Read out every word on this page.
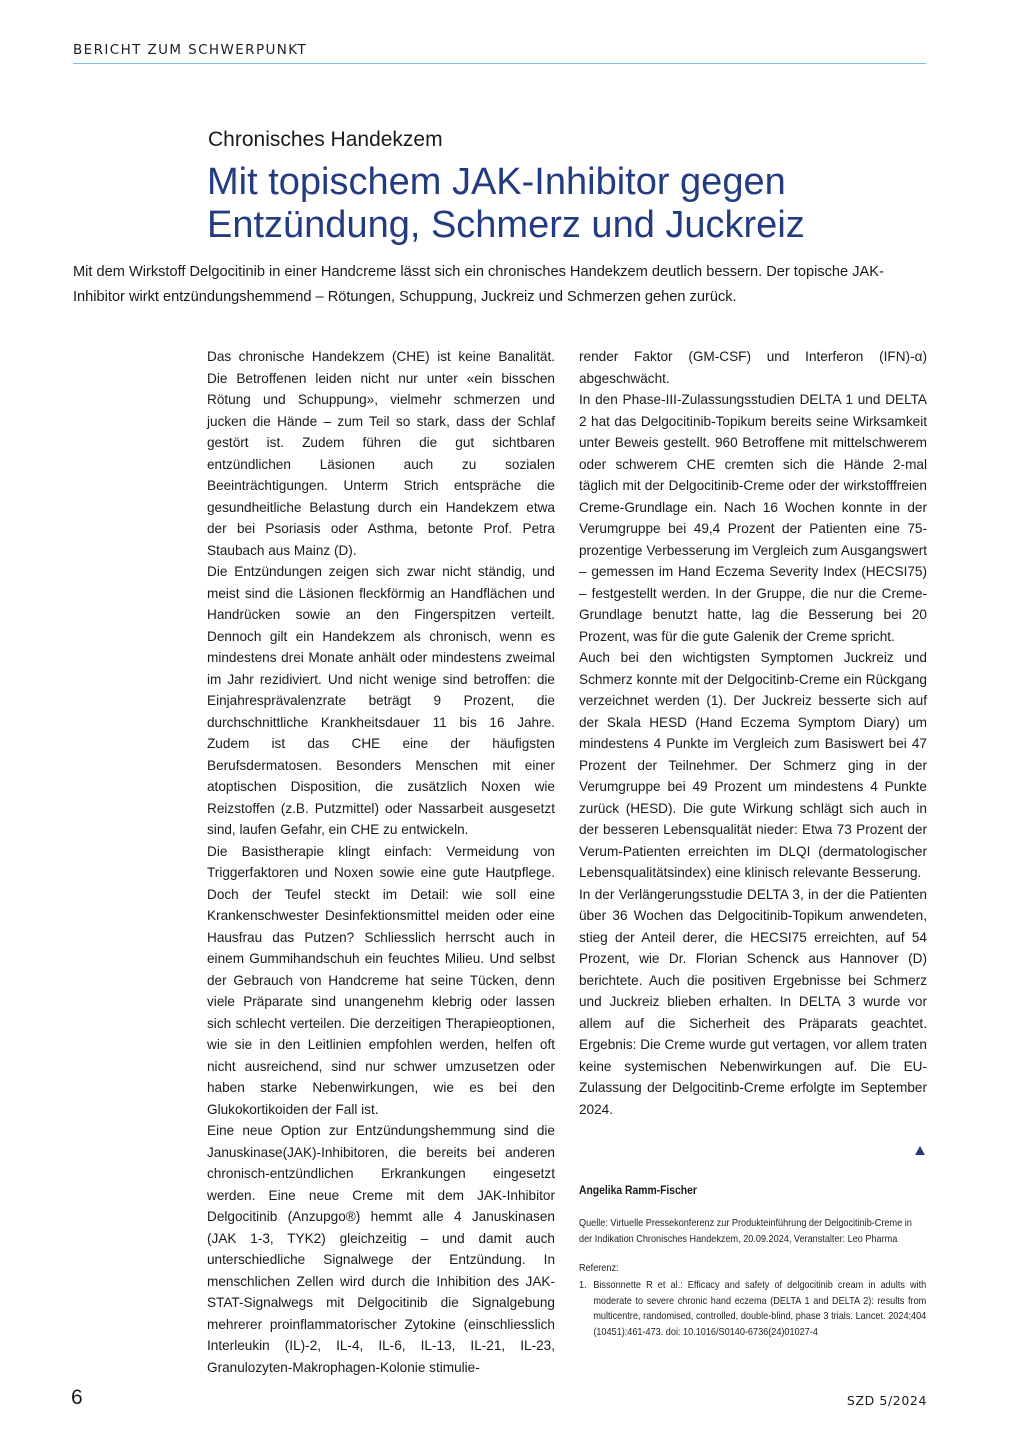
BERICHT ZUM SCHWERPUNKT
Chronisches Handekzem
Mit topischem JAK-Inhibitor gegen Entzündung, Schmerz und Juckreiz

Mit dem Wirkstoff Delgocitinib in einer Handcreme lässt sich ein chronisches Handekzem deutlich bessern. Der topische JAK-Inhibitor wirkt entzündungshemmend – Rötungen, Schuppung, Juckreiz und Schmerzen gehen zurück.

Das chronische Handekzem (CHE) ist keine Banalität. Die Betroffenen leiden nicht nur unter «ein bisschen Rötung und Schuppung», vielmehr schmerzen und jucken die Hände – zum Teil so stark, dass der Schlaf gestört ist. Zudem führen die gut sichtbaren entzündlichen Läsionen auch zu sozialen Beeinträchtigungen. Unterm Strich entspräche die gesundheitliche Belastung durch ein Handekzem etwa der bei Psoriasis oder Asthma, betonte Prof. Petra Staubach aus Mainz (D).

Die Entzündungen zeigen sich zwar nicht ständig, und meist sind die Läsionen fleckförmig an Handflächen und Handrücken sowie an den Fingerspitzen verteilt. Dennoch gilt ein Handekzem als chronisch, wenn es mindestens drei Monate anhält oder mindestens zweimal im Jahr rezidiviert. Und nicht wenige sind betroffen: die Einjahresprävalenzrate beträgt 9 Prozent, die durchschnittliche Krankheitsdauer 11 bis 16 Jahre. Zudem ist das CHE eine der häufigsten Berufsdermatosen. Besonders Menschen mit einer atoptischen Disposition, die zusätzlich Noxen wie Reizstoffen (z.B. Putzmittel) oder Nassarbeit ausgesetzt sind, laufen Gefahr, ein CHE zu entwickeln.

Die Basistherapie klingt einfach: Vermeidung von Triggerfaktoren und Noxen sowie eine gute Hautpflege. Doch der Teufel steckt im Detail: wie soll eine Krankenschwester Desinfektionsmittel meiden oder eine Hausfrau das Putzen? Schliesslich herrscht auch in einem Gummihandschuh ein feuchtes Milieu. Und selbst der Gebrauch von Handcreme hat seine Tücken, denn viele Präparate sind unangenehm klebrig oder lassen sich schlecht verteilen. Die derzeitigen Therapieoptionen, wie sie in den Leitlinien empfohlen werden, helfen oft nicht ausreichend, sind nur schwer umzusetzen oder haben starke Nebenwirkungen, wie es bei den Glukokortikoiden der Fall ist.

Eine neue Option zur Entzündungshemmung sind die Januskinase(JAK)-Inhibitoren, die bereits bei anderen chronisch-entzündlichen Erkrankungen eingesetzt werden. Eine neue Creme mit dem JAK-Inhibitor Delgocitinib (Anzupgo®) hemmt alle 4 Januskinasen (JAK 1-3, TYK2) gleichzeitig – und damit auch unterschiedliche Signalwege der Entzündung. In menschlichen Zellen wird durch die Inhibition des JAK-STAT-Signalwegs mit Delgocitinib die Signalgebung mehrerer proinflammatorischer Zytokine (einschliesslich Interleukin (IL)-2, IL-4, IL-6, IL-13, IL-21, IL-23, Granulozyten-Makrophagen-Kolonie stimulie-

render Faktor (GM-CSF) und Interferon (IFN)-α) abgeschwächt.

In den Phase-III-Zulassungsstudien DELTA 1 und DELTA 2 hat das Delgocitinib-Topikum bereits seine Wirksamkeit unter Beweis gestellt. 960 Betroffene mit mittelschwerem oder schwerem CHE cremten sich die Hände 2-mal täglich mit der Delgocitinib-Creme oder der wirkstofffreien Creme-Grundlage ein. Nach 16 Wochen konnte in der Verumgruppe bei 49,4 Prozent der Patienten eine 75-prozentige Verbesserung im Vergleich zum Ausgangswert – gemessen im Hand Eczema Severity Index (HECSI75) – festgestellt werden. In der Gruppe, die nur die Creme-Grundlage benutzt hatte, lag die Besserung bei 20 Prozent, was für die gute Galenik der Creme spricht.

Auch bei den wichtigsten Symptomen Juckreiz und Schmerz konnte mit der Delgocitinb-Creme ein Rückgang verzeichnet werden (1). Der Juckreiz besserte sich auf der Skala HESD (Hand Eczema Symptom Diary) um mindestens 4 Punkte im Vergleich zum Basiswert bei 47 Prozent der Teilnehmer. Der Schmerz ging in der Verumgruppe bei 49 Prozent um mindestens 4 Punkte zurück (HESD). Die gute Wirkung schlägt sich auch in der besseren Lebensqualität nieder: Etwa 73 Prozent der Verum-Patienten erreichten im DLQI (dermatologischer Lebensqualitätsindex) eine klinisch relevante Besserung.

In der Verlängerungsstudie DELTA 3, in der die Patienten über 36 Wochen das Delgocitinib-Topikum anwendeten, stieg der Anteil derer, die HECSI75 erreichten, auf 54 Prozent, wie Dr. Florian Schenck aus Hannover (D) berichtete. Auch die positiven Ergebnisse bei Schmerz und Juckreiz blieben erhalten. In DELTA 3 wurde vor allem auf die Sicherheit des Präparats geachtet. Ergebnis: Die Creme wurde gut vertagen, vor allem traten keine systemischen Nebenwirkungen auf. Die EU-Zulassung der Delgocitinb-Creme erfolgte im September 2024.

Angelika Ramm-Fischer
Quelle: Virtuelle Pressekonferenz zur Produkteinführung der Delgocitinib-Creme in der Indikation Chronisches Handekzem, 20.09.2024, Veranstalter: Leo Pharma
Referenz:
1. Bissonnette R et al.: Efficacy and safety of delgocitinib cream in adults with moderate to severe chronic hand eczema (DELTA 1 and DELTA 2): results from multicentre, randomised, controlled, double-blind, phase 3 trials. Lancet. 2024;404 (10451):461-473. doi: 10.1016/S0140-6736(24)01027-4
6	SZD 5/2024
